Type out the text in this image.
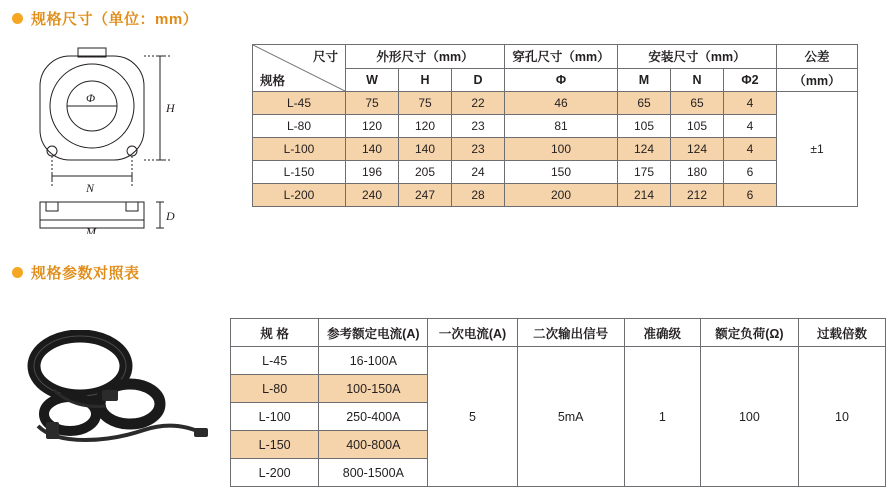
规格尺寸（单位：mm）
Φ
H
N
D
M
尺寸
规格	外形尺寸（mm）			穿孔尺寸（mm）	安装尺寸（mm）			公差
	W	H	D	Φ	M	N	Φ2	（mm）
L-45	75	75	22	46	65	65	4	±1
L-80	120	120	23	81	105	105	4	
L-100	140	140	23	100	124	124	4	
L-150	196	205	24	150	175	180	6	
L-200	240	247	28	200	214	212	6	
规格参数对照表
规 格	参考额定电流(A)	一次电流(A)	二次输出信号	准确级	额定负荷(Ω)	过载倍数
L-45	16-100A	5	5mA	1	100	10
L-80	100-150A					
L-100	250-400A					
L-150	400-800A					
L-200	800-1500A					
